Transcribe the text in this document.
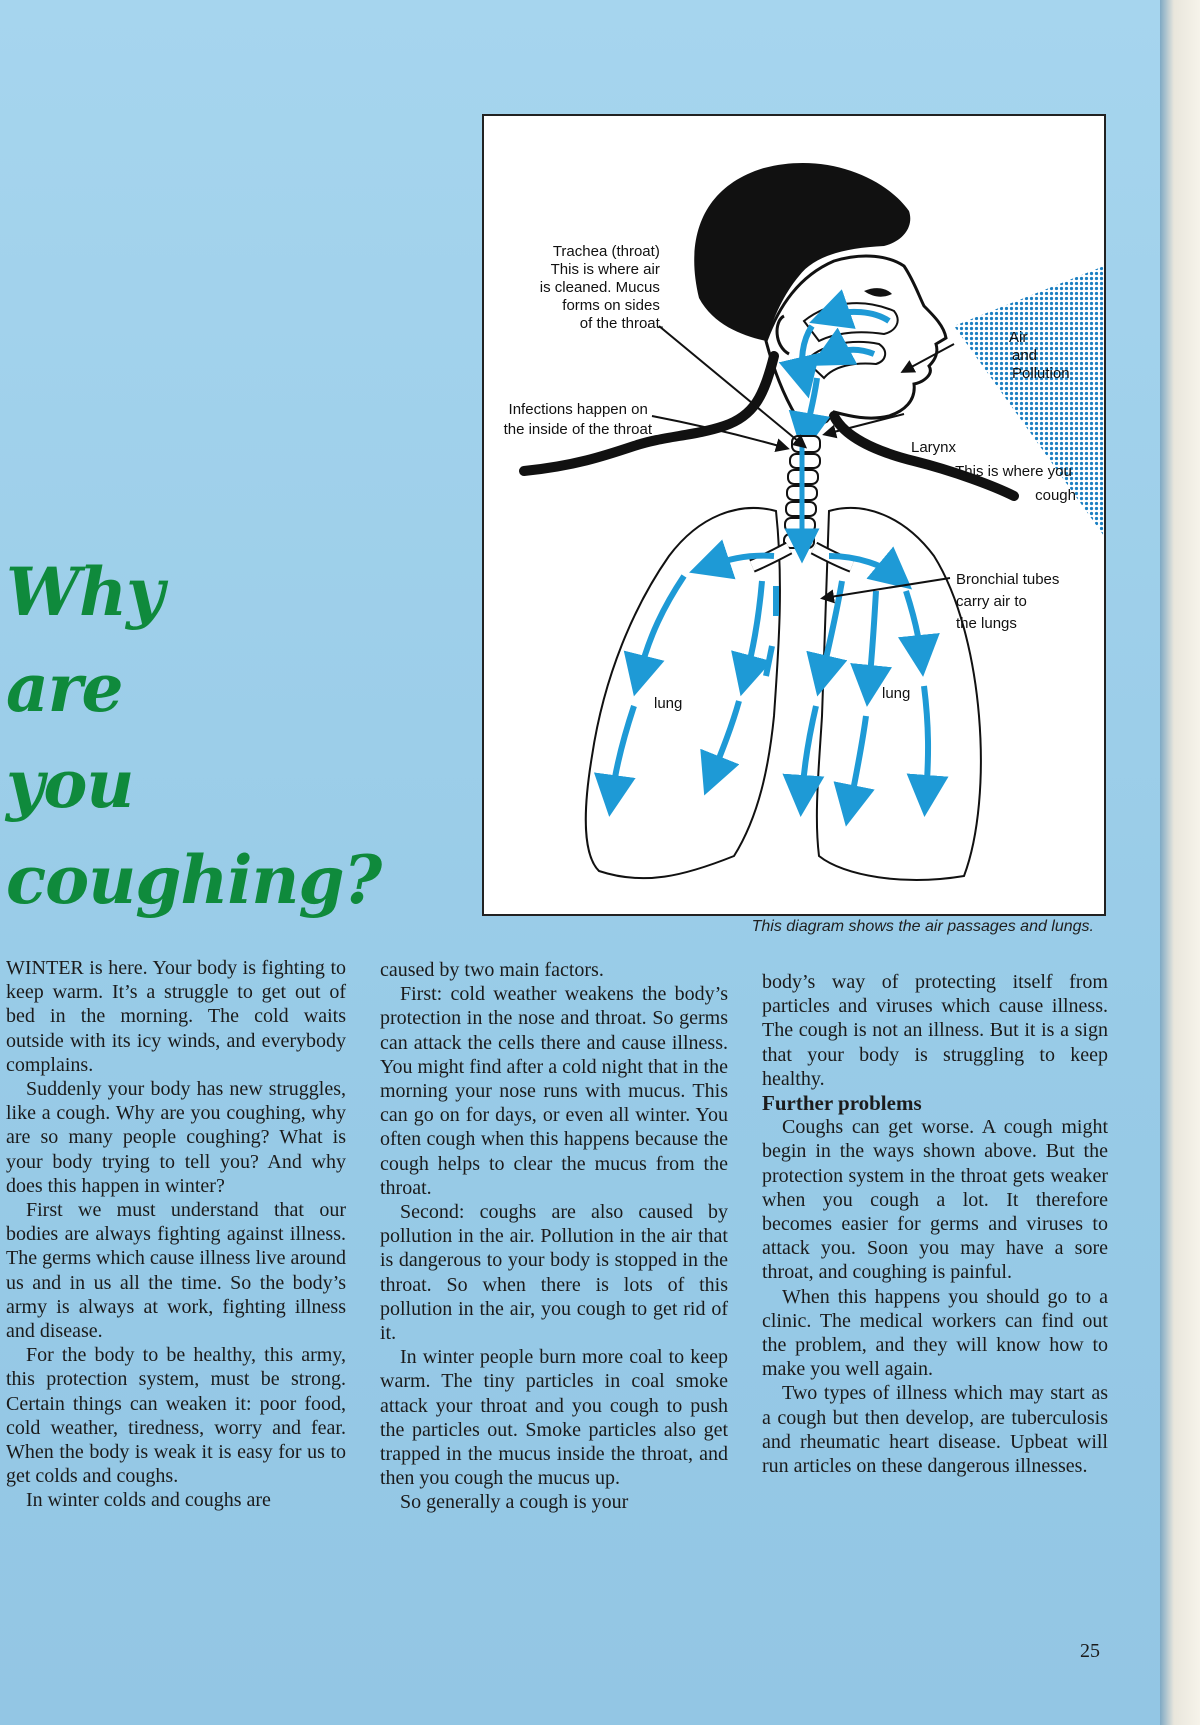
Why
are
you
coughing?
Trachea (throat) This is where air is cleaned. Mucus forms on sides of the throat.
Infections happen on the inside of the throat
Air and Pollution
Larynx This is where you cough
Bronchial tubes carry air to the lungs
lung
lung
This diagram shows the air passages and lungs.

WINTER is here. Your body is fighting to keep warm. It’s a struggle to get out of bed in the morning. The cold waits outside with its icy winds, and everybody complains.

Suddenly your body has new struggles, like a cough. Why are you coughing, why are so many people coughing? What is your body trying to tell you? And why does this happen in winter?

First we must understand that our bodies are always fighting against illness. The germs which cause illness live around us and in us all the time. So the body’s army is always at work, fighting illness and disease.

For the body to be healthy, this army, this protection system, must be strong. Certain things can weaken it: poor food, cold weather, tiredness, worry and fear. When the body is weak it is easy for us to get colds and coughs.

In winter colds and coughs are

caused by two main factors.

First: cold weather weakens the body’s protection in the nose and throat. So germs can attack the cells there and cause illness. You might find after a cold night that in the morning your nose runs with mucus. This can go on for days, or even all winter. You often cough when this happens because the cough helps to clear the mucus from the throat.

Second: coughs are also caused by pollution in the air. Pollution in the air that is dangerous to your body is stopped in the throat. So when there is lots of this pollution in the air, you cough to get rid of it.

In winter people burn more coal to keep warm. The tiny particles in coal smoke attack your throat and you cough to push the particles out. Smoke particles also get trapped in the mucus inside the throat, and then you cough the mucus up.

So generally a cough is your

body’s way of protecting itself from particles and viruses which cause illness. The cough is not an illness. But it is a sign that your body is struggling to keep healthy.

Further problems

Coughs can get worse. A cough might begin in the ways shown above. But the protection system in the throat gets weaker when you cough a lot. It therefore becomes easier for germs and viruses to attack you. Soon you may have a sore throat, and coughing is painful.

When this happens you should go to a clinic. The medical workers can find out the problem, and they will know how to make you well again.

Two types of illness which may start as a cough but then develop, are tuberculosis and rheumatic heart disease. Upbeat will run articles on these dangerous illnesses.

25
